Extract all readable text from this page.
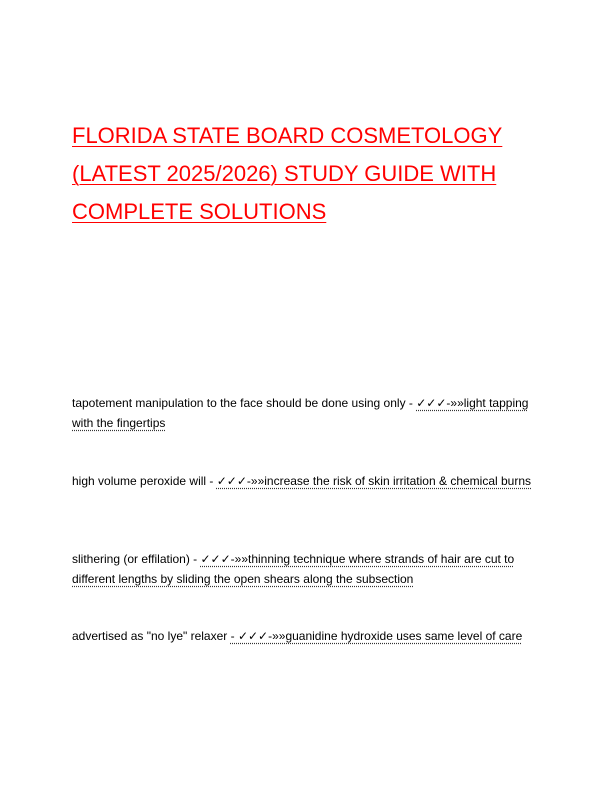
FLORIDA STATE BOARD COSMETOLOGY
(LATEST 2025/2026) STUDY GUIDE WITH
COMPLETE SOLUTIONS

tapotement manipulation to the face should be done using only - ✓✓✓-»»light tapping with the fingertips

high volume peroxide will - ✓✓✓-»»increase the risk of skin irritation & chemical burns

slithering (or effilation) - ✓✓✓-»»thinning technique where strands of hair are cut to different lengths by sliding the open shears along the subsection

advertised as "no lye" relaxer - ✓✓✓-»»guanidine hydroxide uses same level of care
